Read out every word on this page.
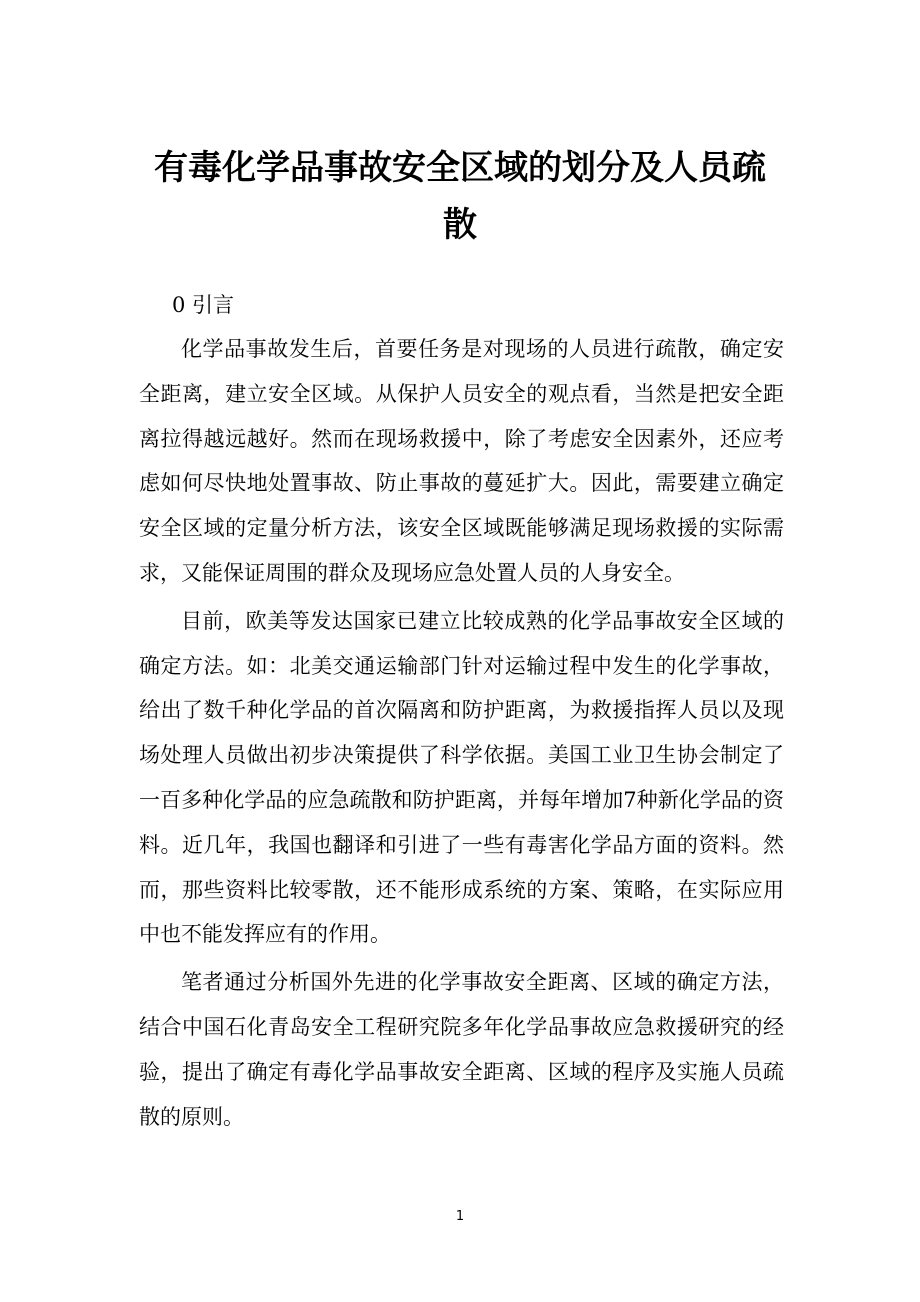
有毒化学品事故安全区域的划分及人员疏散

0 引言

化学品事故发生后，首要任务是对现场的人员进行疏散，确定安全距离，建立安全区域。从保护人员安全的观点看，当然是把安全距离拉得越远越好。然而在现场救援中，除了考虑安全因素外，还应考虑如何尽快地处置事故、防止事故的蔓延扩大。因此，需要建立确定安全区域的定量分析方法，该安全区域既能够满足现场救援的实际需求，又能保证周围的群众及现场应急处置人员的人身安全。

目前，欧美等发达国家已建立比较成熟的化学品事故安全区域的确定方法。如：北美交通运输部门针对运输过程中发生的化学事故，给出了数千种化学品的首次隔离和防护距离，为救援指挥人员以及现场处理人员做出初步决策提供了科学依据。美国工业卫生协会制定了一百多种化学品的应急疏散和防护距离，并每年增加7种新化学品的资料。近几年，我国也翻译和引进了一些有毒害化学品方面的资料。然而，那些资料比较零散，还不能形成系统的方案、策略，在实际应用中也不能发挥应有的作用。

笔者通过分析国外先进的化学事故安全距离、区域的确定方法，结合中国石化青岛安全工程研究院多年化学品事故应急救援研究的经验，提出了确定有毒化学品事故安全距离、区域的程序及实施人员疏散的原则。

1
